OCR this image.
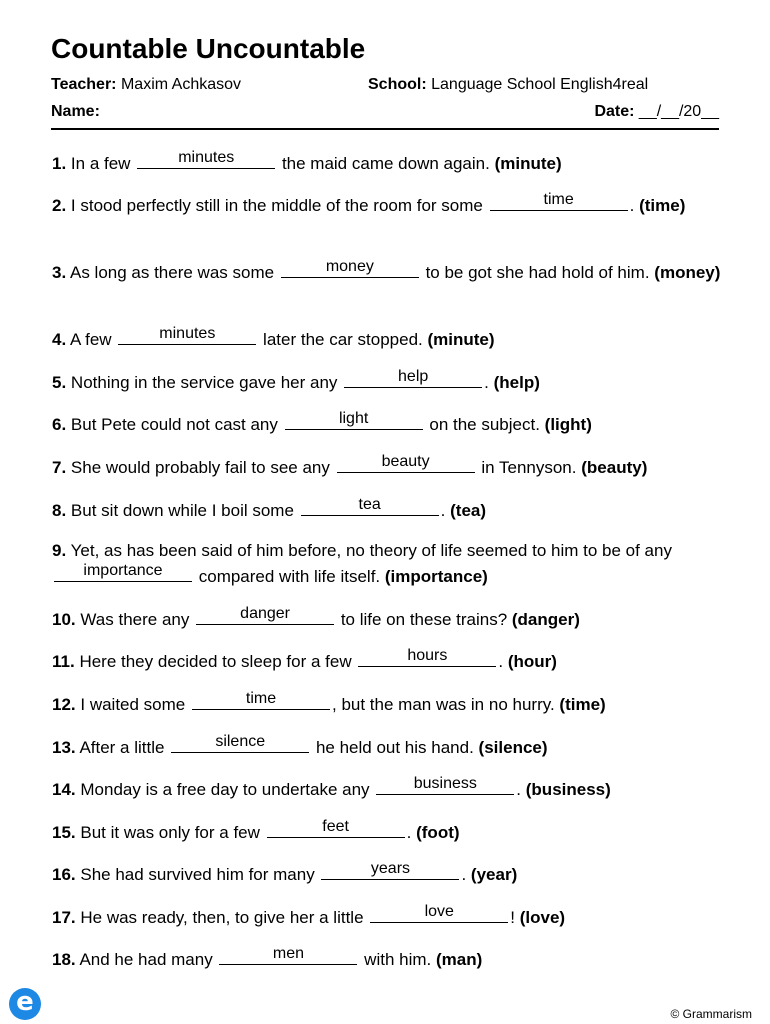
Countable Uncountable
Teacher: Maxim Achkasov	School: Language School English4real
Name:	Date: __/__/20__
1. In a few	minutes	the maid came down again. (minute)
2. I stood perfectly still in the middle of the room for some	time	. (time)
3. As long as there was some	money	to be got she had hold of him. (money)
4. A few	minutes	later the car stopped. (minute)
5. Nothing in the service gave her any	help	. (help)
6. But Pete could not cast any	light	on the subject. (light)
7. She would probably fail to see any	beauty	in Tennyson. (beauty)
8. But sit down while I boil some	tea	. (tea)
9. Yet, as has been said of him before, no theory of life seemed to him to be of any
importance	compared with life itself. (importance)
10. Was there any	danger	to life on these trains? (danger)
11. Here they decided to sleep for a few	hours	. (hour)
12. I waited some	time	, but the man was in no hurry. (time)
13. After a little	silence	he held out his hand. (silence)
14. Monday is a free day to undertake any	business	. (business)
15. But it was only for a few	feet	. (foot)
16. She had survived him for many	years	. (year)
17. He was ready, then, to give her a little	love	! (love)
18. And he had many	men	with him. (man)
e	© Grammarism
